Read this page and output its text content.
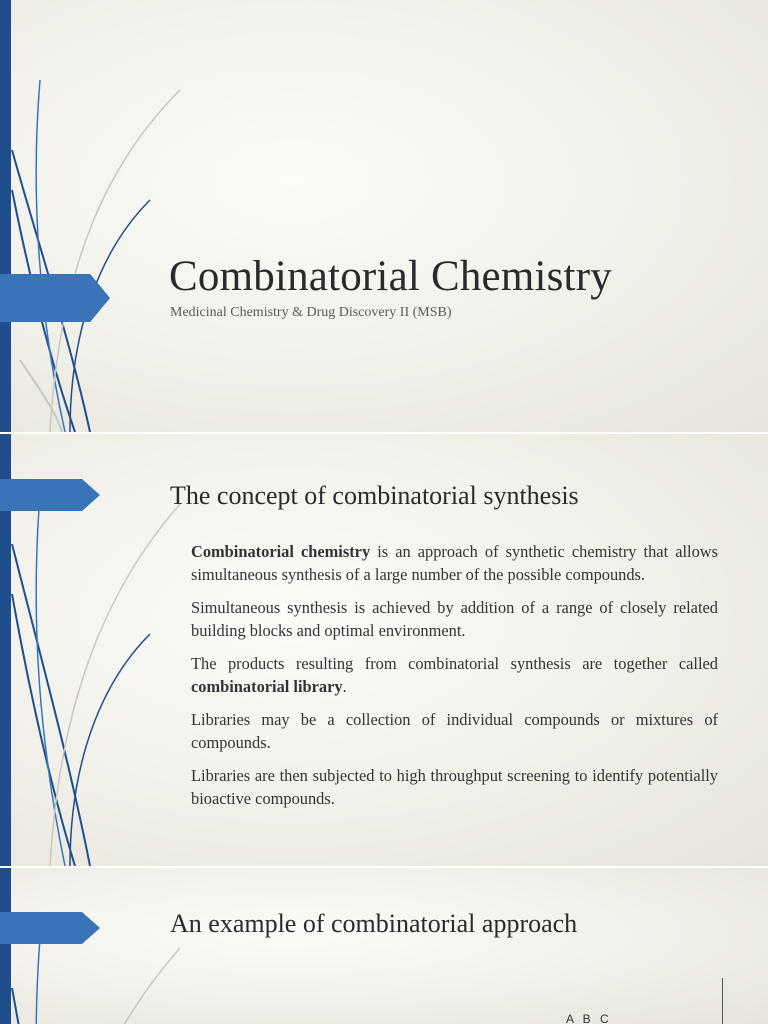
Combinatorial Chemistry
Medicinal Chemistry & Drug Discovery II (MSB)
The concept of combinatorial synthesis
Combinatorial chemistry is an approach of synthetic chemistry that allows simultaneous synthesis of a large number of the possible compounds.
Simultaneous synthesis is achieved by addition of a range of closely related building blocks and optimal environment.
The products resulting from combinatorial synthesis are together called combinatorial library.
Libraries may be a collection of individual compounds or mixtures of compounds.
Libraries are then subjected to high throughput screening to identify potentially bioactive compounds.
An example of combinatorial approach
A B C
